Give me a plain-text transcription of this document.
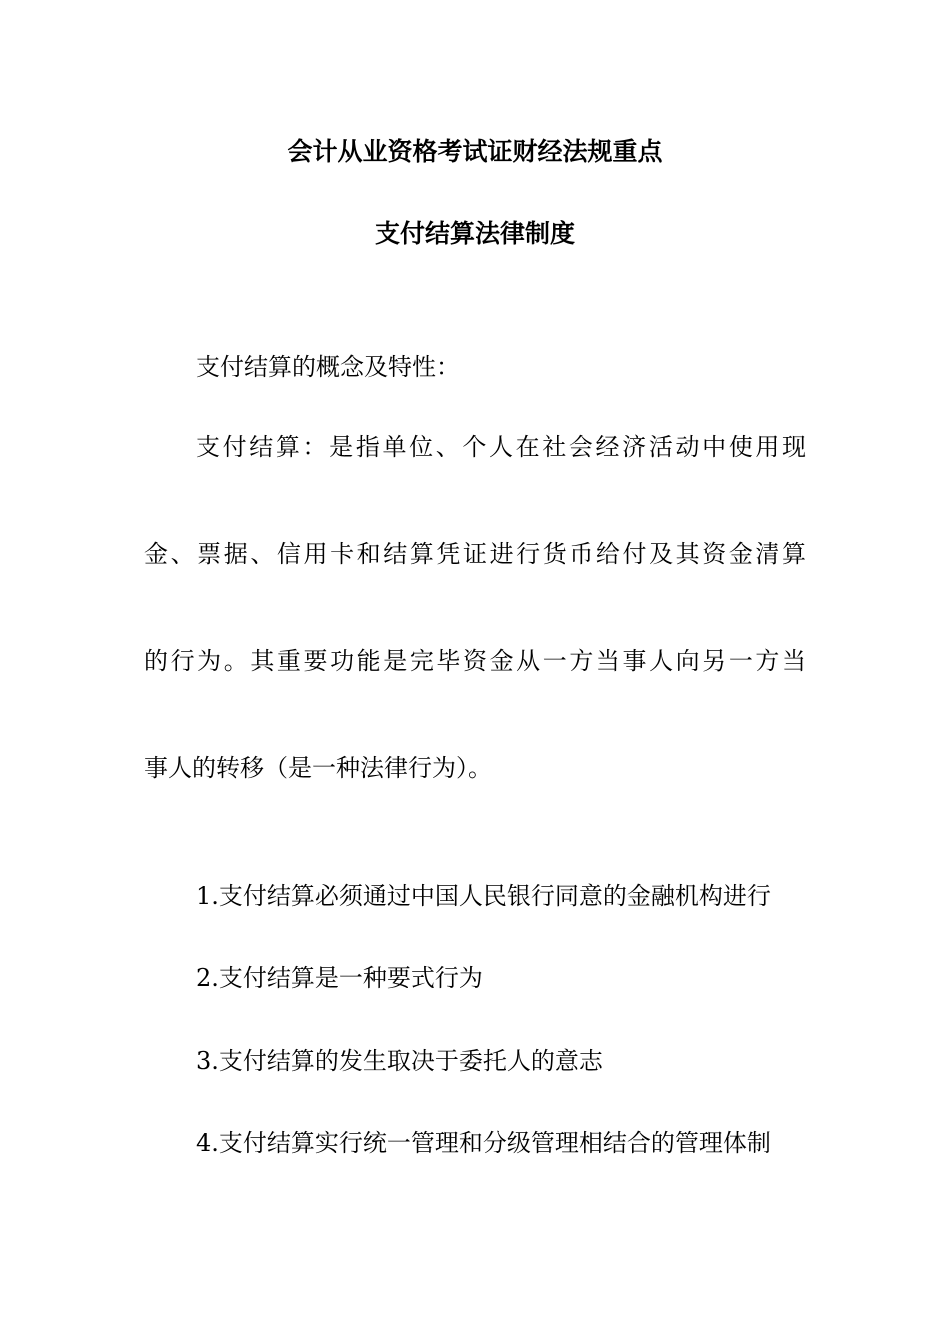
会计从业资格考试证财经法规重点
支付结算法律制度

支付结算的概念及特性：

支付结算：是指单位、个人在社会经济活动中使用现
金、票据、信用卡和结算凭证进行货币给付及其资金清算
的行为。其重要功能是完毕资金从一方当事人向另一方当
事人的转移（是一种法律行为）。

1.支付结算必须通过中国人民银行同意的金融机构进行

2.支付结算是一种要式行为

3.支付结算的发生取决于委托人的意志

4.支付结算实行统一管理和分级管理相结合的管理体制
